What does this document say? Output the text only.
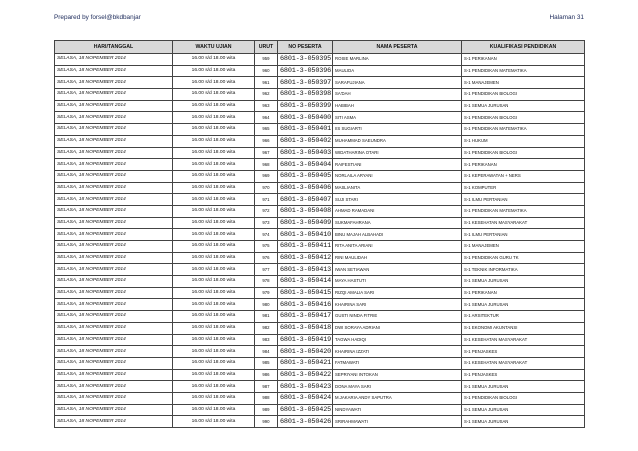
Prepared by forsel@bkdbanjar	Halaman 31
HARI/TANGGAL	WAKTU UJIAN	URUT	NO PESERTA	NAMA PESERTA	KUALIFIKASI PENDIDIKAN
SELASA, 18 NOPEMBER 2014	16.00 s/d 18.00 wita	959	6801-3-050395	ROSIE MARLINA	S-1 PERIKANAN
SELASA, 18 NOPEMBER 2014	16.00 s/d 18.00 wita	960	6801-3-050396	MAULIDA	S-1 PENDIDIKAN MATEMATIKA
SELASA, 18 NOPEMBER 2014	16.00 s/d 18.00 wita	961	6801-3-050397	SARAFUJIANA	S-1 MANAJEMEN
SELASA, 18 NOPEMBER 2014	16.00 s/d 18.00 wita	962	6801-3-050398	SA'DAH	S-1 PENDIDIKAN BIOLOGI
SELASA, 18 NOPEMBER 2014	16.00 s/d 18.00 wita	963	6801-3-050399	HABIBAH	S-1 SEMUA JURUSAN
SELASA, 18 NOPEMBER 2014	16.00 s/d 18.00 wita	964	6801-3-050400	SITI ASMA	S-1 PENDIDIKAN BIOLOGI
SELASA, 18 NOPEMBER 2014	16.00 s/d 18.00 wita	965	6801-3-050401	IIS SUGIARTI	S-1 PENDIDIKAN MATEMATIKA
SELASA, 18 NOPEMBER 2014	16.00 s/d 18.00 wita	966	6801-3-050402	MUHAMMAD SAEUNDRA	S-1 HUKUM
SELASA, 18 NOPEMBER 2014	16.00 s/d 18.00 wita	967	6801-3-050403	WIDATHARINA OTARI	S-1 PENDIDIKAN BIOLOGI
SELASA, 18 NOPEMBER 2014	16.00 s/d 18.00 wita	968	6801-3-050404	RAIFESTIANI	S-1 PERIKANAN
SELASA, 18 NOPEMBER 2014	16.00 s/d 18.00 wita	969	6801-3-050405	NORLAILA ARYANI	S-1 KEPERAWATAN + NERS
SELASA, 18 NOPEMBER 2014	16.00 s/d 18.00 wita	970	6801-3-050406	MASLIANITA	S-1 KOMPUTER
SELASA, 18 NOPEMBER 2014	16.00 s/d 18.00 wita	971	6801-3-050407	SUJI STARI	S-1 ILMU PERTANIAN
SELASA, 18 NOPEMBER 2014	16.00 s/d 18.00 wita	972	6801-3-050408	AHMAD RAMADANI	S-1 PENDIDIKAN MATEMATIKA
SELASA, 18 NOPEMBER 2014	16.00 s/d 18.00 wita	973	6801-3-050409	SUKMAFAHRANA	S-1 KESEHATAN MASYARAKAT
SELASA, 18 NOPEMBER 2014	16.00 s/d 18.00 wita	974	6801-3-050410	BINU MAJAH ALBAHADI	S-1 ILMU PERTANIAN
SELASA, 18 NOPEMBER 2014	16.00 s/d 18.00 wita	975	6801-3-050411	RITA ANITA ARIANI	S-1 MANAJEMEN
SELASA, 18 NOPEMBER 2014	16.00 s/d 18.00 wita	976	6801-3-050412	RINI MAULIDAH	S-1 PENDIDIKAN GURU TK
SELASA, 18 NOPEMBER 2014	16.00 s/d 18.00 wita	977	6801-3-050413	IWAN SETIAWAN	S-1 TEKNIK INFORMATIKA
SELASA, 18 NOPEMBER 2014	16.00 s/d 18.00 wita	978	6801-3-050414	MAYA HASTUTI	S-1 SEMUA JURUSAN
SELASA, 18 NOPEMBER 2014	16.00 s/d 18.00 wita	979	6801-3-050415	RIZQI AMALIA SARI	S-1 PERIKANAN
SELASA, 18 NOPEMBER 2014	16.00 s/d 18.00 wita	980	6801-3-050416	KHAIRINA SARI	S-1 SEMUA JURUSAN
SELASA, 18 NOPEMBER 2014	16.00 s/d 18.00 wita	981	6801-3-050417	GUSTI NINDA FITRIE	S-1 ARSITEKTUR
SELASA, 18 NOPEMBER 2014	16.00 s/d 18.00 wita	982	6801-3-050418	DWI SORAYA ADRIANI	S-1 EKONOMI AKUNTANSI
SELASA, 18 NOPEMBER 2014	16.00 s/d 18.00 wita	983	6801-3-050419	TAGWA HADIQI	S-1 KESEHATAN MASYARAKAT
SELASA, 18 NOPEMBER 2014	16.00 s/d 18.00 wita	984	6801-3-050420	KHAIRINA IZZATI	S-1 PENJASKES
SELASA, 18 NOPEMBER 2014	16.00 s/d 18.00 wita	985	6801-3-050421	FATMAWATI	S-1 KESEHATAN MASYARAKAT
SELASA, 18 NOPEMBER 2014	16.00 s/d 18.00 wita	986	6801-3-050422	SEPRIYANI INTOKAN	S-1 PENJASKES
SELASA, 18 NOPEMBER 2014	16.00 s/d 18.00 wita	987	6801-3-050423	DONA MAYA SARI	S-1 SEMUA JURUSAN
SELASA, 18 NOPEMBER 2014	16.00 s/d 18.00 wita	988	6801-3-050424	M.JAKARIA ANDY SAPUTRA	S-1 PENDIDIKAN BIOLOGI
SELASA, 18 NOPEMBER 2014	16.00 s/d 18.00 wita	989	6801-3-050425	NINDYAWATI	S-1 SEMUA JURUSAN
SELASA, 18 NOPEMBER 2014	16.00 s/d 18.00 wita	990	6801-3-050426	SRIRAHMAWATI	S-1 SEMUA JURUSAN
